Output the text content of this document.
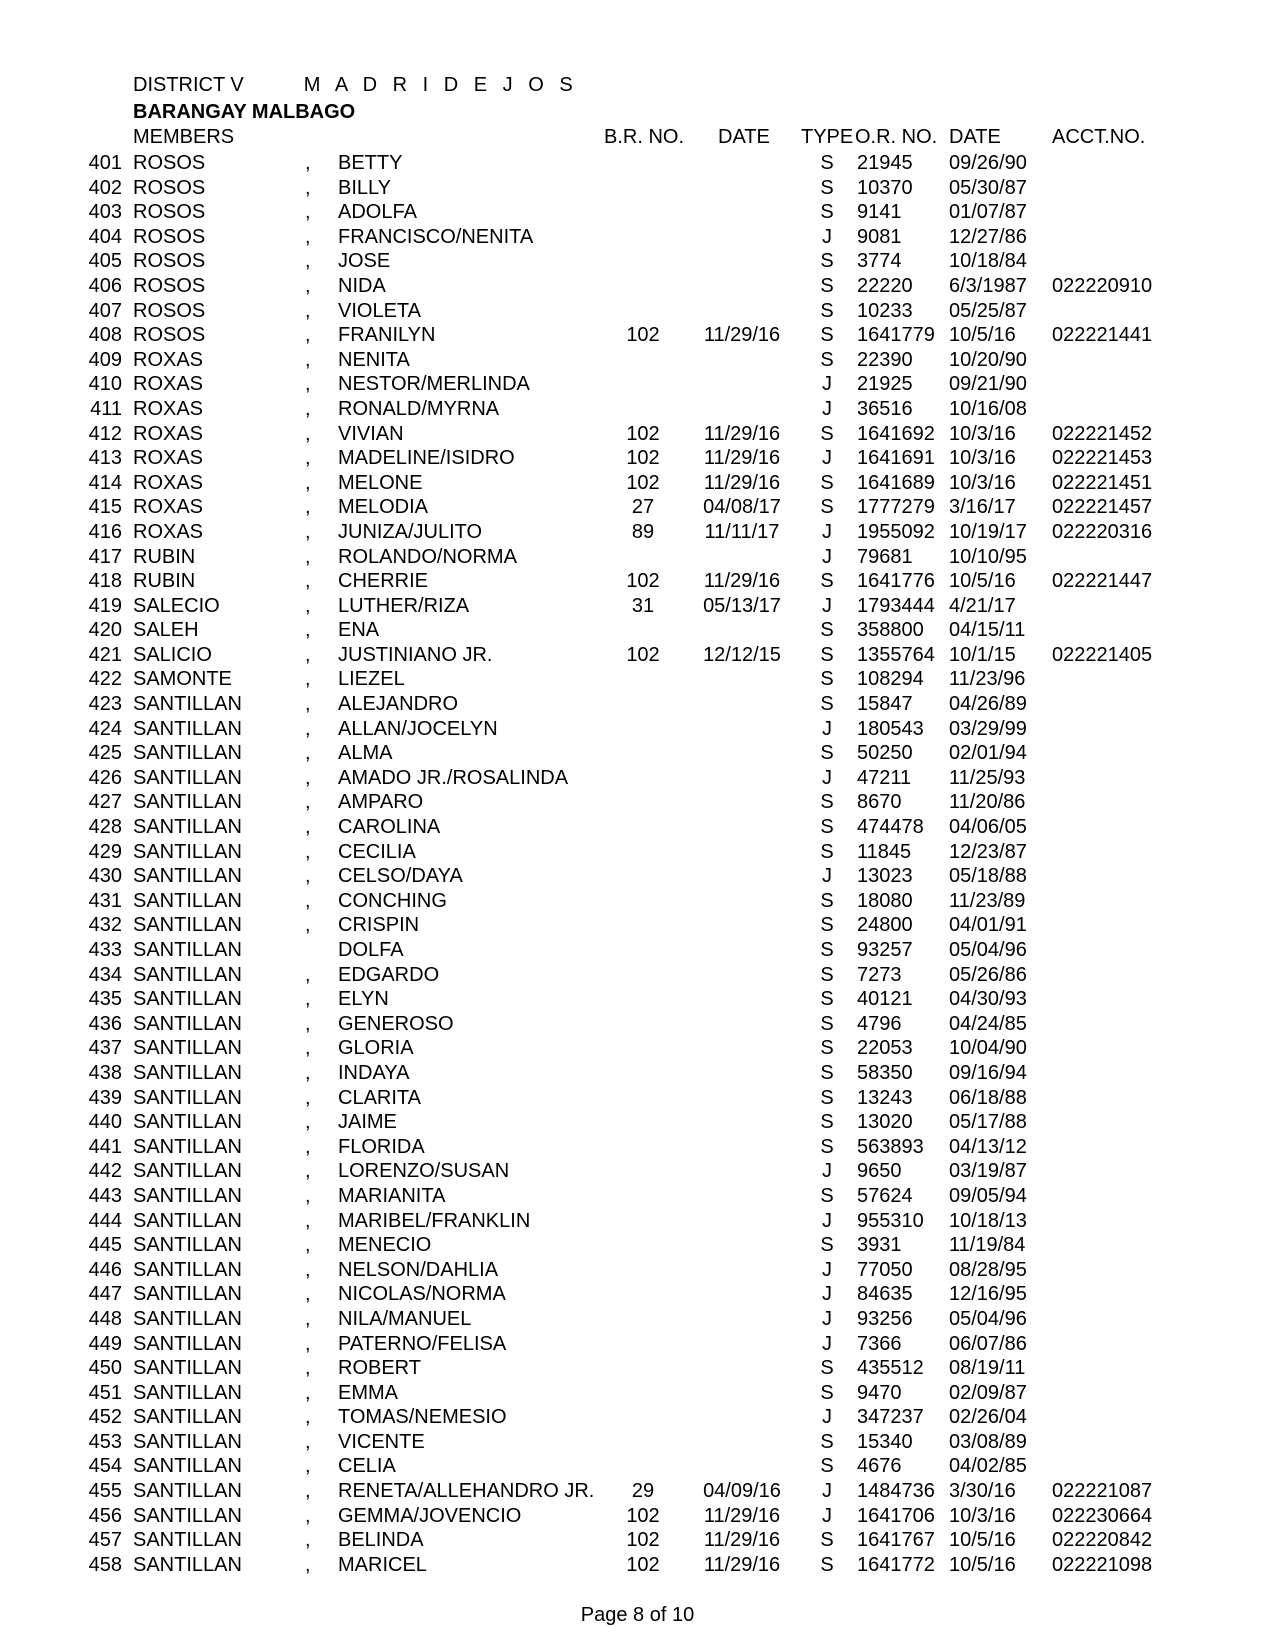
DISTRICT V	M A D R I D E J O S
BARANGAY MALBAGO
MEMBERS	B.R. NO. DATE TYPE O.R. NO. DATE	ACCT.NO.
401 ROSOS	, BETTY	S	21945 09/26/90
402 ROSOS	, BILLY	S	10370 05/30/87
403 ROSOS	, ADOLFA	S	9141 01/07/87
404 ROSOS	, FRANCISCO/NENITA	J	9081 12/27/86
405 ROSOS	, JOSE	S	3774 10/18/84
406 ROSOS	, NIDA	S	22220 6/3/1987 022220910
407 ROSOS	, VIOLETA	S	10233 05/25/87
408 ROSOS	, FRANILYN	102	11/29/16	S	1641779 10/5/16 022221441
409 ROXAS	, NENITA	S	22390 10/20/90
410 ROXAS	, NESTOR/MERLINDA	J	21925 09/21/90
411 ROXAS	, RONALD/MYRNA	J	36516 10/16/08
412 ROXAS	, VIVIAN	102	11/29/16	S	1641692 10/3/16 022221452
413 ROXAS	, MADELINE/ISIDRO	102	11/29/16	J	1641691 10/3/16 022221453
414 ROXAS	, MELONE	102	11/29/16	S	1641689 10/3/16 022221451
415 ROXAS	, MELODIA	27	04/08/17	S	1777279 3/16/17 022221457
416 ROXAS	, JUNIZA/JULITO	89	11/11/17	J	1955092 10/19/17 022220316
417 RUBIN	, ROLANDO/NORMA	J	79681 10/10/95
418 RUBIN	, CHERRIE	102	11/29/16	S	1641776 10/5/16 022221447
419 SALECIO	, LUTHER/RIZA	31	05/13/17	J	1793444 4/21/17
420 SALEH	, ENA	S	358800 04/15/11
421 SALICIO	, JUSTINIANO JR.	102	12/12/15	S	1355764 10/1/15 022221405
422 SAMONTE	, LIEZEL	S	108294 11/23/96
423 SANTILLAN	, ALEJANDRO	S	15847 04/26/89
424 SANTILLAN	, ALLAN/JOCELYN	J	180543 03/29/99
425 SANTILLAN	, ALMA	S	50250 02/01/94
426 SANTILLAN	, AMADO JR./ROSALINDA	J	47211 11/25/93
427 SANTILLAN	, AMPARO	S	8670 11/20/86
428 SANTILLAN	, CAROLINA	S	474478 04/06/05
429 SANTILLAN	, CECILIA	S	11845 12/23/87
430 SANTILLAN	, CELSO/DAYA	J	13023 05/18/88
431 SANTILLAN	, CONCHING	S	18080 11/23/89
432 SANTILLAN	, CRISPIN	S	24800 04/01/91
433 SANTILLAN	DOLFA	S	93257 05/04/96
434 SANTILLAN	, EDGARDO	S	7273 05/26/86
435 SANTILLAN	, ELYN	S	40121 04/30/93
436 SANTILLAN	, GENEROSO	S	4796 04/24/85
437 SANTILLAN	, GLORIA	S	22053 10/04/90
438 SANTILLAN	, INDAYA	S	58350 09/16/94
439 SANTILLAN	, CLARITA	S	13243 06/18/88
440 SANTILLAN	, JAIME	S	13020 05/17/88
441 SANTILLAN	, FLORIDA	S	563893 04/13/12
442 SANTILLAN	, LORENZO/SUSAN	J	9650 03/19/87
443 SANTILLAN	, MARIANITA	S	57624 09/05/94
444 SANTILLAN	, MARIBEL/FRANKLIN	J	955310 10/18/13
445 SANTILLAN	, MENECIO	S	3931 11/19/84
446 SANTILLAN	, NELSON/DAHLIA	J	77050 08/28/95
447 SANTILLAN	, NICOLAS/NORMA	J	84635 12/16/95
448 SANTILLAN	, NILA/MANUEL	J	93256 05/04/96
449 SANTILLAN	, PATERNO/FELISA	J	7366 06/07/86
450 SANTILLAN	, ROBERT	S	435512 08/19/11
451 SANTILLAN	, EMMA	S	9470 02/09/87
452 SANTILLAN	, TOMAS/NEMESIO	J	347237 02/26/04
453 SANTILLAN	, VICENTE	S	15340 03/08/89
454 SANTILLAN	, CELIA	S	4676 04/02/85
455 SANTILLAN	, RENETA/ALLEHANDRO JR.	29	04/09/16	J	1484736 3/30/16 022221087
456 SANTILLAN	, GEMMA/JOVENCIO	102	11/29/16	J	1641706 10/3/16 022230664
457 SANTILLAN	, BELINDA	102	11/29/16	S	1641767 10/5/16 022220842
458 SANTILLAN	, MARICEL	102	11/29/16	S	1641772 10/5/16 022221098
Page 8 of 10
